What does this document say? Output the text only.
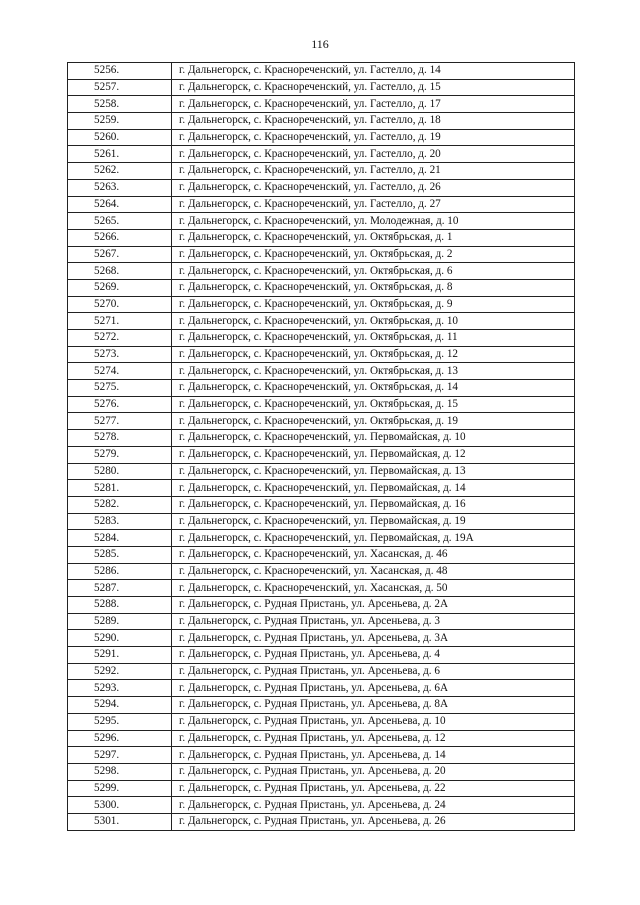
116
5256.	г. Дальнегорск, с. Краснореченский, ул. Гастелло, д. 14
5257.	г. Дальнегорск, с. Краснореченский, ул. Гастелло, д. 15
5258.	г. Дальнегорск, с. Краснореченский, ул. Гастелло, д. 17
5259.	г. Дальнегорск, с. Краснореченский, ул. Гастелло, д. 18
5260.	г. Дальнегорск, с. Краснореченский, ул. Гастелло, д. 19
5261.	г. Дальнегорск, с. Краснореченский, ул. Гастелло, д. 20
5262.	г. Дальнегорск, с. Краснореченский, ул. Гастелло, д. 21
5263.	г. Дальнегорск, с. Краснореченский, ул. Гастелло, д. 26
5264.	г. Дальнегорск, с. Краснореченский, ул. Гастелло, д. 27
5265.	г. Дальнегорск, с. Краснореченский, ул. Молодежная, д. 10
5266.	г. Дальнегорск, с. Краснореченский, ул. Октябрьская, д. 1
5267.	г. Дальнегорск, с. Краснореченский, ул. Октябрьская, д. 2
5268.	г. Дальнегорск, с. Краснореченский, ул. Октябрьская, д. 6
5269.	г. Дальнегорск, с. Краснореченский, ул. Октябрьская, д. 8
5270.	г. Дальнегорск, с. Краснореченский, ул. Октябрьская, д. 9
5271.	г. Дальнегорск, с. Краснореченский, ул. Октябрьская, д. 10
5272.	г. Дальнегорск, с. Краснореченский, ул. Октябрьская, д. 11
5273.	г. Дальнегорск, с. Краснореченский, ул. Октябрьская, д. 12
5274.	г. Дальнегорск, с. Краснореченский, ул. Октябрьская, д. 13
5275.	г. Дальнегорск, с. Краснореченский, ул. Октябрьская, д. 14
5276.	г. Дальнегорск, с. Краснореченский, ул. Октябрьская, д. 15
5277.	г. Дальнегорск, с. Краснореченский, ул. Октябрьская, д. 19
5278.	г. Дальнегорск, с. Краснореченский, ул. Первомайская, д. 10
5279.	г. Дальнегорск, с. Краснореченский, ул. Первомайская, д. 12
5280.	г. Дальнегорск, с. Краснореченский, ул. Первомайская, д. 13
5281.	г. Дальнегорск, с. Краснореченский, ул. Первомайская, д. 14
5282.	г. Дальнегорск, с. Краснореченский, ул. Первомайская, д. 16
5283.	г. Дальнегорск, с. Краснореченский, ул. Первомайская, д. 19
5284.	г. Дальнегорск, с. Краснореченский, ул. Первомайская, д. 19А
5285.	г. Дальнегорск, с. Краснореченский, ул. Хасанская, д. 46
5286.	г. Дальнегорск, с. Краснореченский, ул. Хасанская, д. 48
5287.	г. Дальнегорск, с. Краснореченский, ул. Хасанская, д. 50
5288.	г. Дальнегорск, с. Рудная Пристань, ул. Арсеньева, д. 2А
5289.	г. Дальнегорск, с. Рудная Пристань, ул. Арсеньева, д. 3
5290.	г. Дальнегорск, с. Рудная Пристань, ул. Арсеньева, д. 3А
5291.	г. Дальнегорск, с. Рудная Пристань, ул. Арсеньева, д. 4
5292.	г. Дальнегорск, с. Рудная Пристань, ул. Арсеньева, д. 6
5293.	г. Дальнегорск, с. Рудная Пристань, ул. Арсеньева, д. 6А
5294.	г. Дальнегорск, с. Рудная Пристань, ул. Арсеньева, д. 8А
5295.	г. Дальнегорск, с. Рудная Пристань, ул. Арсеньева, д. 10
5296.	г. Дальнегорск, с. Рудная Пристань, ул. Арсеньева, д. 12
5297.	г. Дальнегорск, с. Рудная Пристань, ул. Арсеньева, д. 14
5298.	г. Дальнегорск, с. Рудная Пристань, ул. Арсеньева, д. 20
5299.	г. Дальнегорск, с. Рудная Пристань, ул. Арсеньева, д. 22
5300.	г. Дальнегорск, с. Рудная Пристань, ул. Арсеньева, д. 24
5301.	г. Дальнегорск, с. Рудная Пристань, ул. Арсеньева, д. 26
